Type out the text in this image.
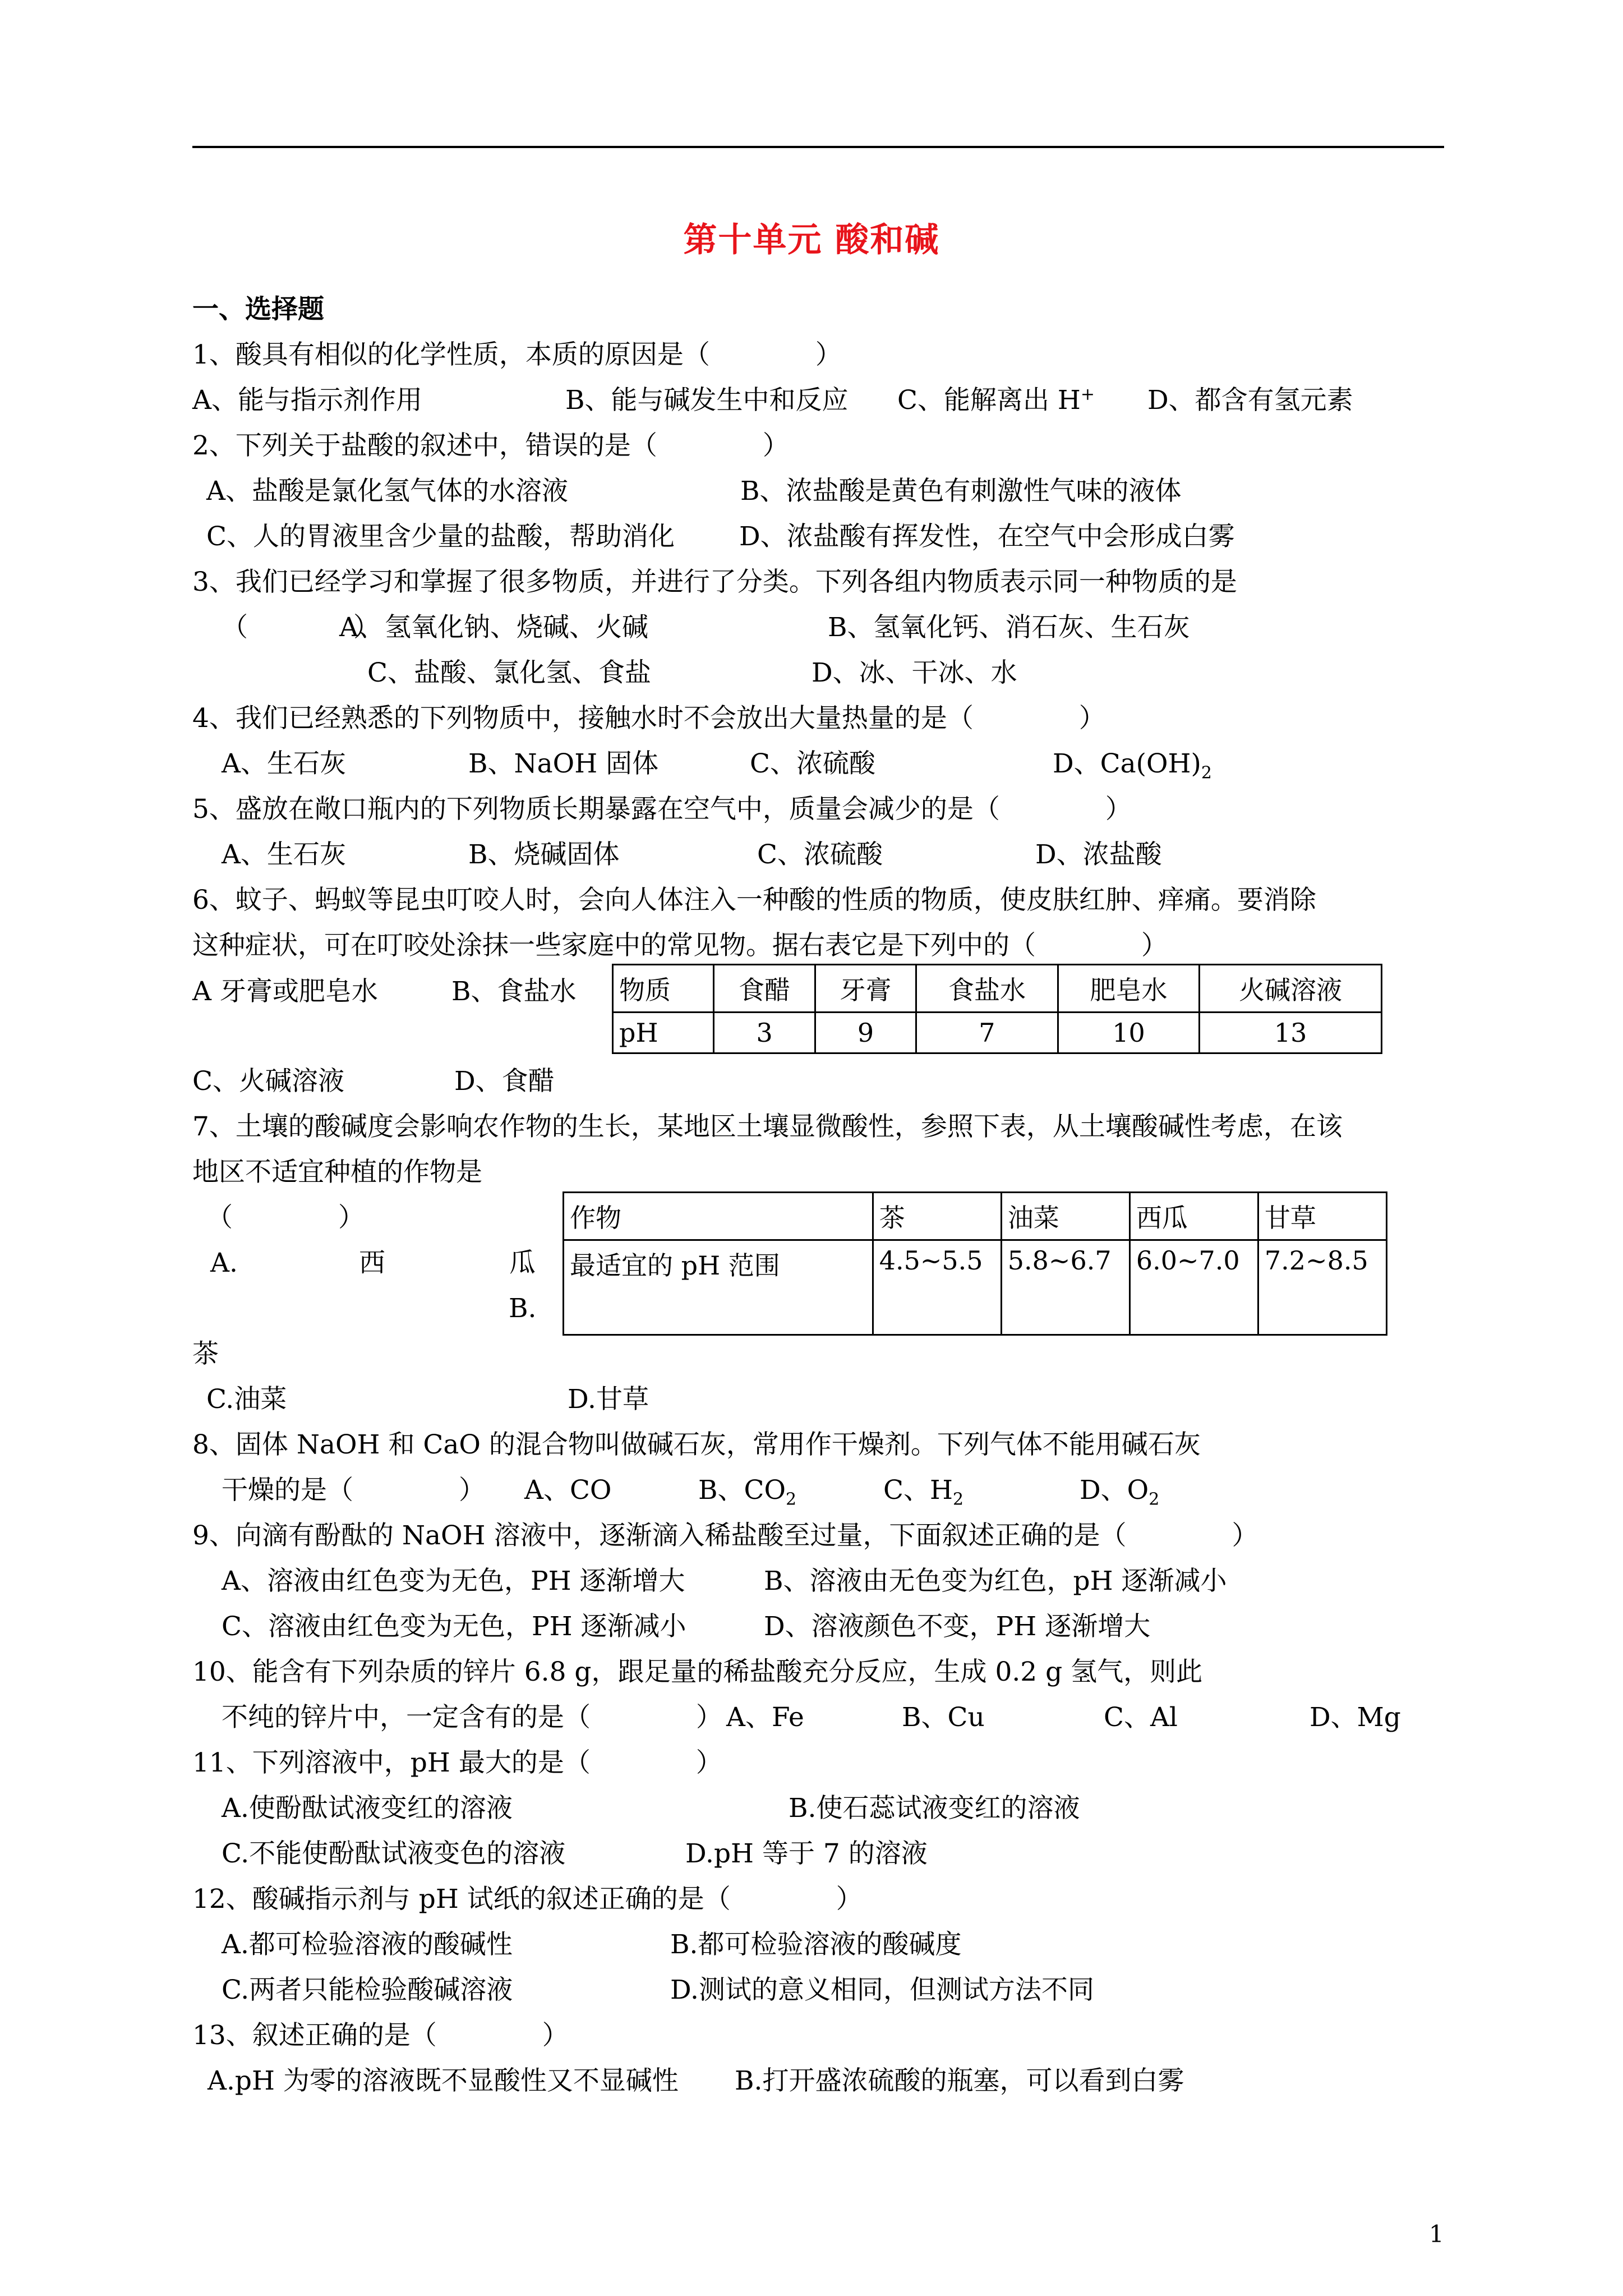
第十单元 酸和碱
一、选择题
1、酸具有相似的化学性质，本质的原因是（　　　　）
A、能与指示剂作用	B、能与碱发生中和反应 C、能解离出 H+ D、都含有氢元素
2、下列关于盐酸的叙述中，错误的是（　　　　）
A、盐酸是氯化氢气体的水溶液	B、浓盐酸是黄色有刺激性气味的液体
C、人的胃液里含少量的盐酸，帮助消化 D、浓盐酸有挥发性，在空气中会形成白雾
3、我们已经学习和掌握了很多物质，并进行了分类。下列各组内物质表示同一种物质的是
（　　　　）
A、氢氧化钠、烧碱、火碱	B、氢氧化钙、消石灰、生石灰
C、盐酸、氯化氢、食盐	D、冰、干冰、水
4、我们已经熟悉的下列物质中，接触水时不会放出大量热量的是（　　　　）
A、生石灰	B、NaOH 固体	C、浓硫酸	D、$Ca(OH)_2$
5、盛放在敞口瓶内的下列物质长期暴露在空气中，质量会减少的是（　　　　）
A、生石灰	B、烧碱固体	C、浓硫酸	D、浓盐酸
6、蚊子、蚂蚁等昆虫叮咬人时，会向人体注入一种酸的性质的物质，使皮肤红肿、痒痛。要消除
这种症状，可在叮咬处涂抹一些家庭中的常见物。据右表它是下列中的（　　　　）
A 牙膏或肥皂水	B、食盐水 物质	食醋	牙膏	食盐水	肥皂水	火碱溶液
pH	3	9	7	10	13
C、火碱溶液	D、食醋
7、土壤的酸碱度会影响农作物的生长，某地区土壤显微酸性，参照下表，从土壤酸碱性考虑，在该
地区不适宜种植的作物是
（　　　　）
A.	西	瓜
B.
茶
作物	茶	油菜	西瓜	甘草
最适宜的 pH 范围	4.5~5.5	5.8~6.7	6.0~7.0	7.2~8.5
C.油菜	D.甘草
8、固体 NaOH 和 CaO 的混合物叫做碱石灰，常用作干燥剂。下列气体不能用碱石灰
干燥的是（　　　　） A、CO	B、$CO_2$	C、$H_2$	D、$O_2$
9、向滴有酚酞的 NaOH 溶液中，逐渐滴入稀盐酸至过量，下面叙述正确的是（　　　　）
A、溶液由红色变为无色，PH 逐渐增大	B、溶液由无色变为红色，pH 逐渐减小
C、溶液由红色变为无色，PH 逐渐减小	D、溶液颜色不变，PH 逐渐增大
10、能含有下列杂质的锌片 6.8 g，跟足量的稀盐酸充分反应，生成 0.2 g 氢气，则此
不纯的锌片中，一定含有的是（　　　　） A、Fe	B、Cu	C、Al	D、Mg
11、下列溶液中，pH 最大的是（　　　　）
A.使酚酞试液变红的溶液	B.使石蕊试液变红的溶液
C.不能使酚酞试液变色的溶液	D.pH 等于 7 的溶液
12、酸碱指示剂与 pH 试纸的叙述正确的是（　　　　）
A.都可检验溶液的酸碱性	B.都可检验溶液的酸碱度
C.两者只能检验酸碱溶液	D.测试的意义相同，但测试方法不同
13、叙述正确的是（　　　　）
A.pH 为零的溶液既不显酸性又不显碱性 B.打开盛浓硫酸的瓶塞，可以看到白雾
1
